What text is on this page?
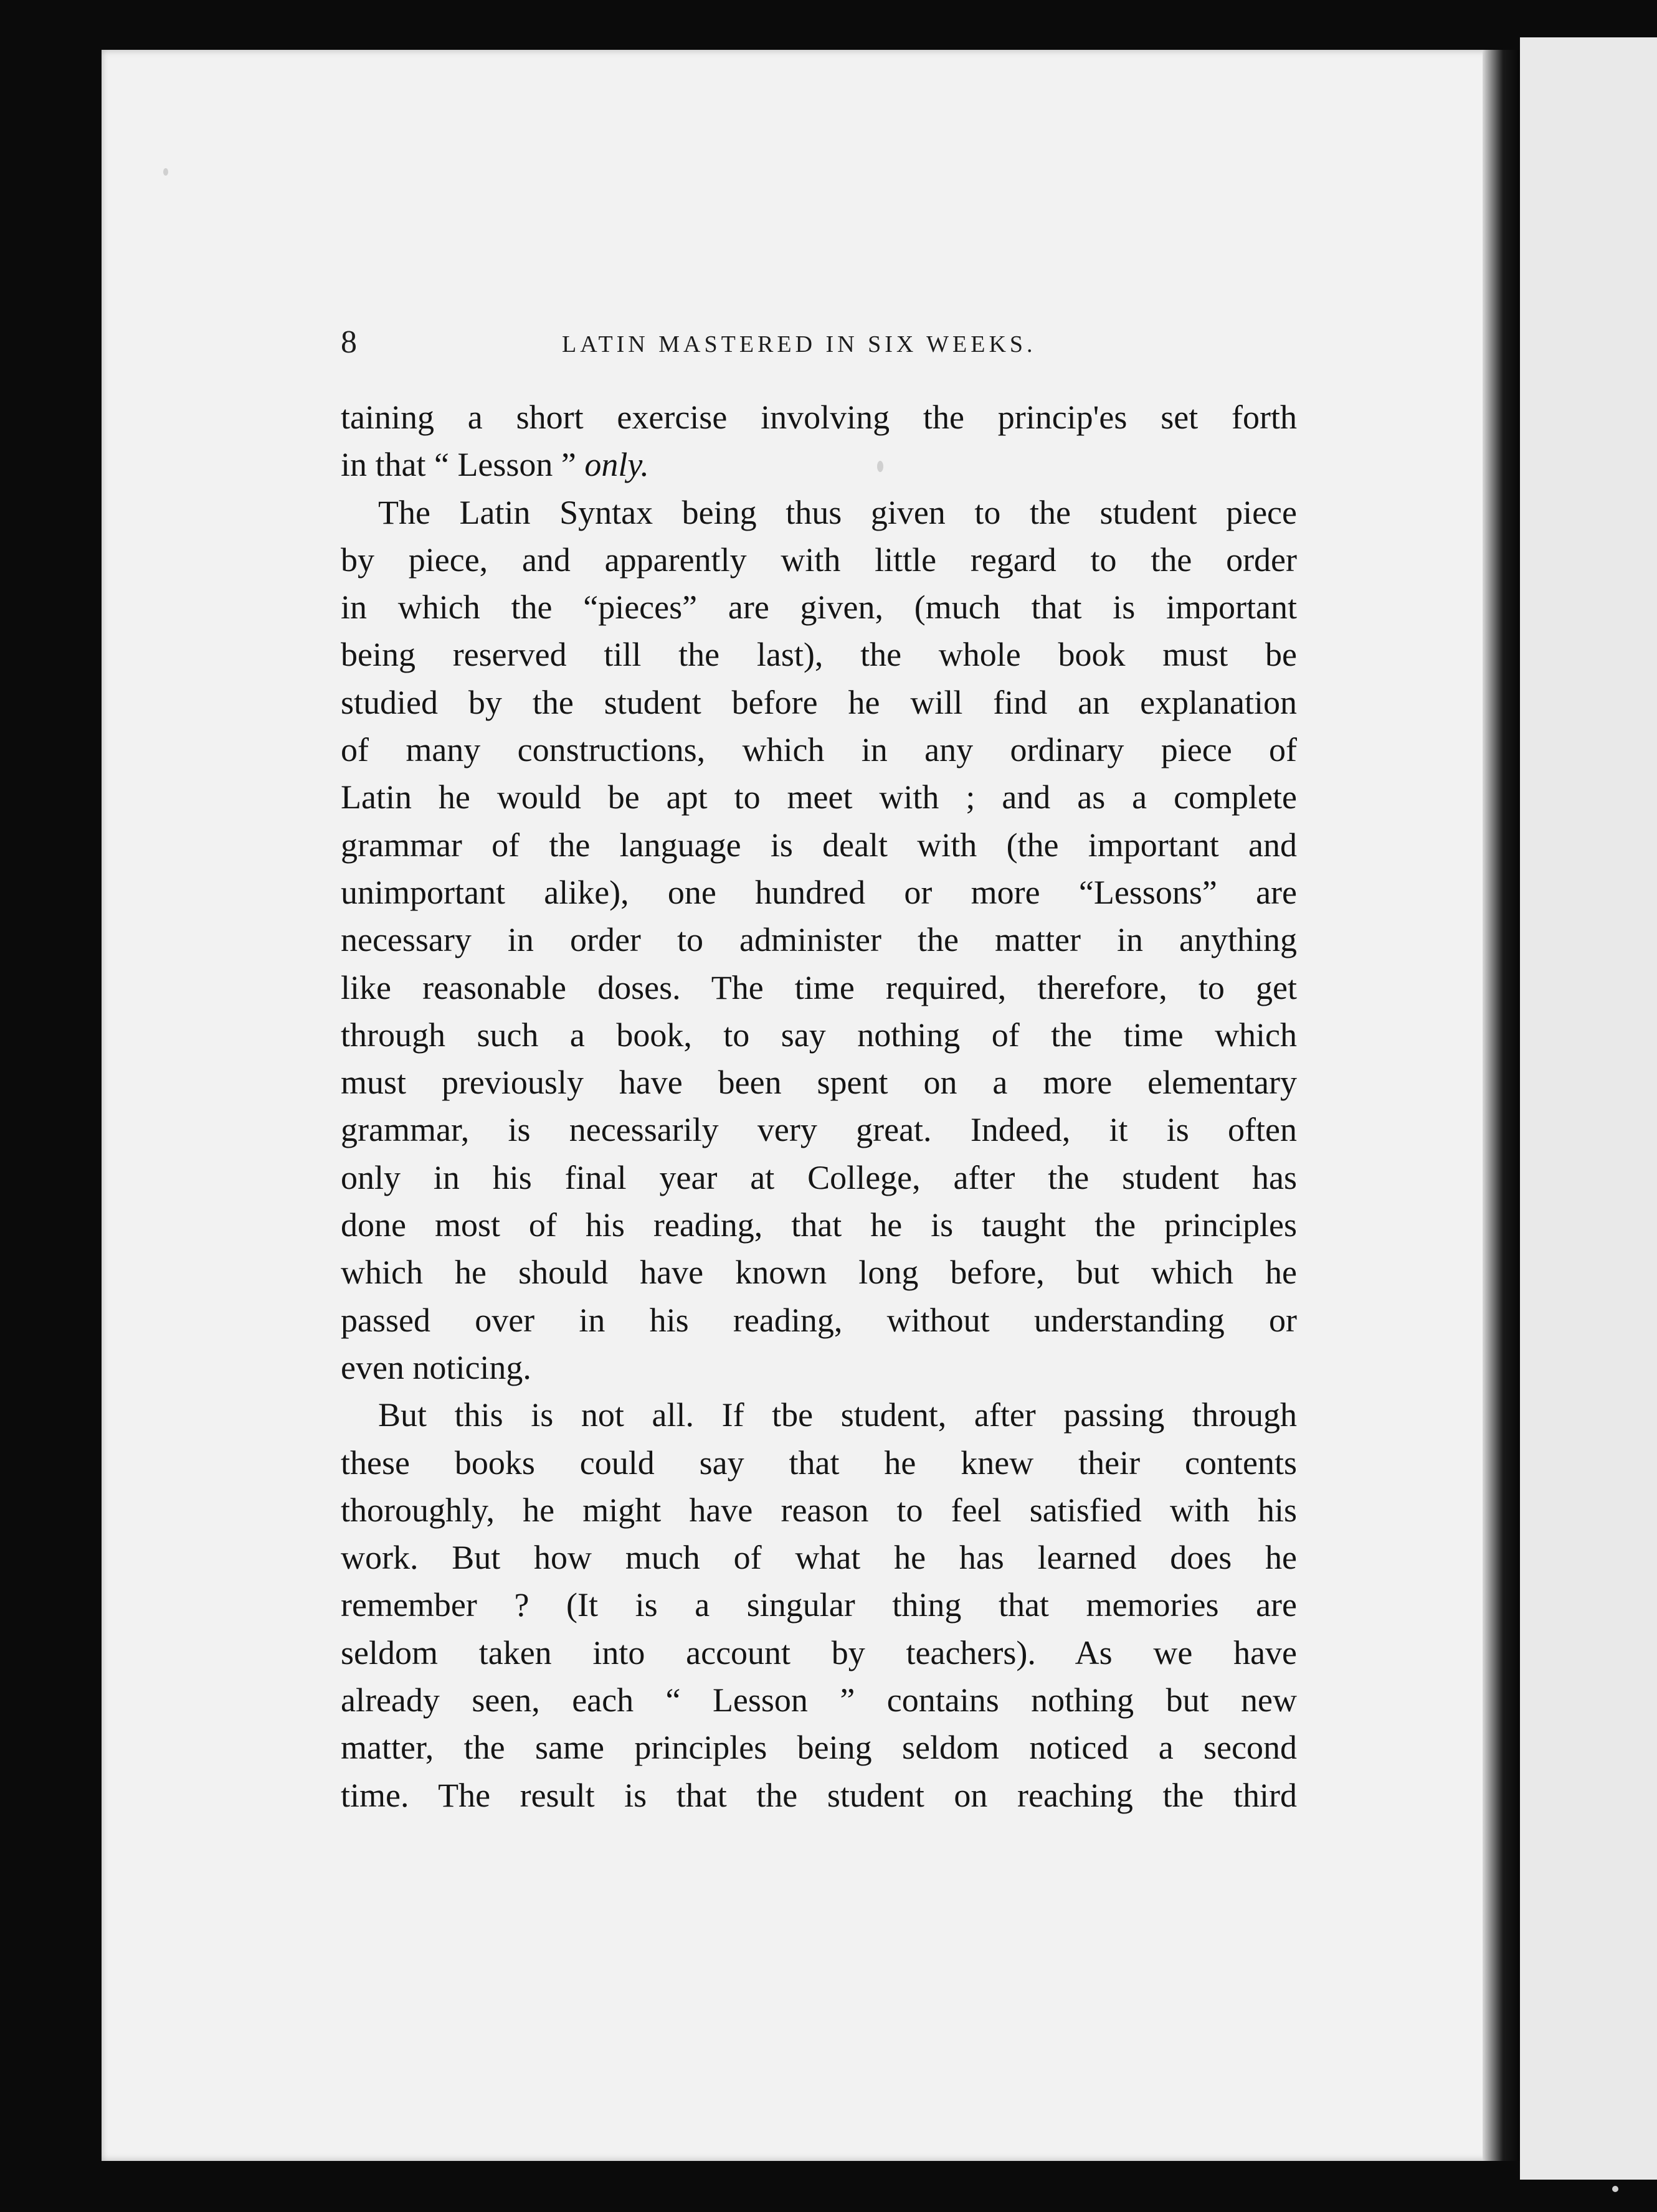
8	LATIN MASTERED IN SIX WEEKS.
taining a short exercise involving the princip'es set forth
in that “ Lesson ” only.
The Latin Syntax being thus given to the student piece
by piece, and apparently with little regard to the order
in which the “pieces” are given, (much that is important
being reserved till the last), the whole book must be
studied by the student before he will find an explanation
of many constructions, which in any ordinary piece of
Latin he would be apt to meet with ; and as a complete
grammar of the language is dealt with (the important and
unimportant alike), one hundred or more “Lessons” are
necessary in order to administer the matter in anything
like reasonable doses. The time required, therefore, to get
through such a book, to say nothing of the time which
must previously have been spent on a more elementary
grammar, is necessarily very great. Indeed, it is often
only in his final year at College, after the student has
done most of his reading, that he is taught the principles
which he should have known long before, but which he
passed over in his reading, without understanding or
even noticing.
But this is not all. If tbe student, after passing through
these books could say that he knew their contents
thoroughly, he might have reason to feel satisfied with his
work. But how much of what he has learned does he
remember ? (It is a singular thing that memories are
seldom taken into account by teachers). As we have
already seen, each “ Lesson ” contains nothing but new
matter, the same principles being seldom noticed a second
time. The result is that the student on reaching the third
